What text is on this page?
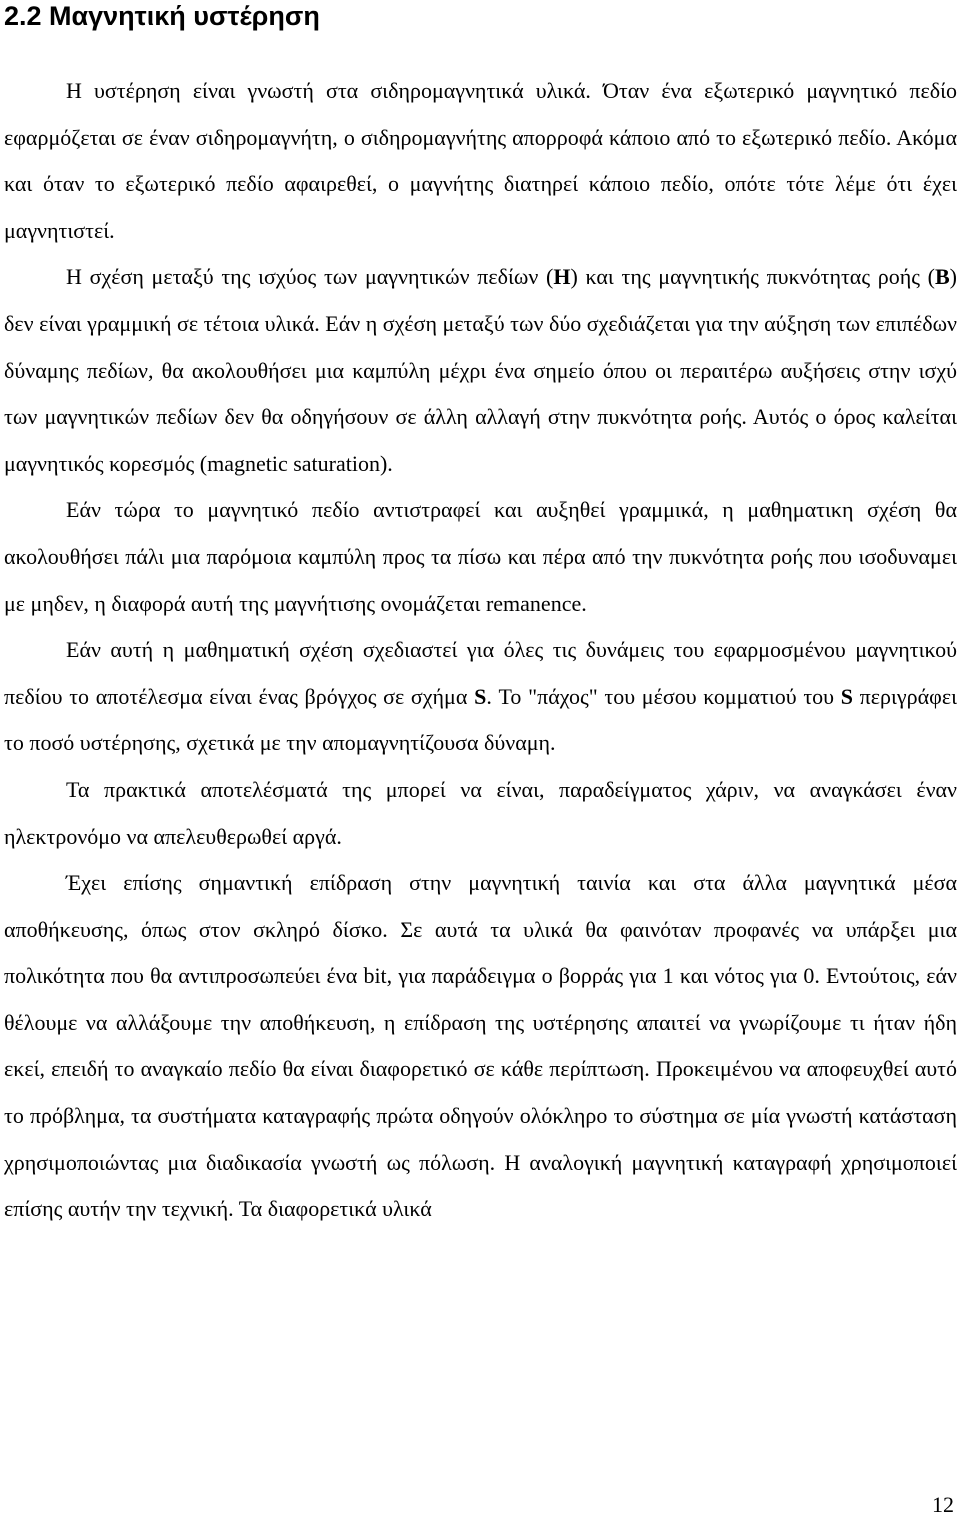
2.2 Μαγνητική υστέρηση

Η υστέρηση είναι γνωστή στα σιδηρομαγνητικά υλικά. Όταν ένα εξωτερικό μαγνητικό πεδίο εφαρμόζεται σε έναν σιδηρομαγνήτη, ο σιδηρομαγνήτης απορροφά κάποιο από το εξωτερικό πεδίο. Ακόμα και όταν το εξωτερικό πεδίο αφαιρεθεί, ο μαγνήτης διατηρεί κάποιο πεδίο, οπότε τότε λέμε ότι έχει μαγνητιστεί.

Η σχέση μεταξύ της ισχύος των μαγνητικών πεδίων (H) και της μαγνητικής πυκνότητας ροής (B) δεν είναι γραμμική σε τέτοια υλικά. Εάν η σχέση μεταξύ των δύο σχεδιάζεται για την αύξηση των επιπέδων δύναμης πεδίων, θα ακολουθήσει μια καμπύλη μέχρι ένα σημείο όπου οι περαιτέρω αυξήσεις στην ισχύ των μαγνητικών πεδίων δεν θα οδηγήσουν σε άλλη αλλαγή στην πυκνότητα ροής. Αυτός ο όρος καλείται μαγνητικός κορεσμός (magnetic saturation).

Εάν τώρα το μαγνητικό πεδίο αντιστραφεί και αυξηθεί γραμμικά, η μαθηματικη σχέση θα ακολουθήσει πάλι μια παρόμοια καμπύλη προς τα πίσω και πέρα από την πυκνότητα ροής που ισοδυναμει με μηδεν, η διαφορά αυτή της μαγνήτισης ονομάζεται remanence.

Εάν αυτή η μαθηματική σχέση σχεδιαστεί για όλες τις δυνάμεις του εφαρμοσμένου μαγνητικού πεδίου το αποτέλεσμα είναι ένας βρόγχος σε σχήμα S. Το "πάχος" του μέσου κομματιού του S περιγράφει το ποσό υστέρησης, σχετικά με την απομαγνητίζουσα δύναμη.

Τα πρακτικά αποτελέσματά της μπορεί να είναι, παραδείγματος χάριν, να αναγκάσει έναν ηλεκτρονόμο να απελευθερωθεί αργά.

Έχει επίσης σημαντική επίδραση στην μαγνητική ταινία και στα άλλα μαγνητικά μέσα αποθήκευσης, όπως στον σκληρό δίσκο. Σε αυτά τα υλικά θα φαινόταν προφανές να υπάρξει μια πολικότητα που θα αντιπροσωπεύει ένα bit, για παράδειγμα ο βορράς για 1 και νότος για 0. Εντούτοις, εάν θέλουμε να αλλάξουμε την αποθήκευση, η επίδραση της υστέρησης απαιτεί να γνωρίζουμε τι ήταν ήδη εκεί, επειδή το αναγκαίο πεδίο θα είναι διαφορετικό σε κάθε περίπτωση. Προκειμένου να αποφευχθεί αυτό το πρόβλημα, τα συστήματα καταγραφής πρώτα οδηγούν ολόκληρο το σύστημα σε μία γνωστή κατάσταση χρησιμοποιώντας μια διαδικασία γνωστή ως πόλωση. Η αναλογική μαγνητική καταγραφή χρησιμοποιεί επίσης αυτήν την τεχνική. Τα διαφορετικά υλικά

12
